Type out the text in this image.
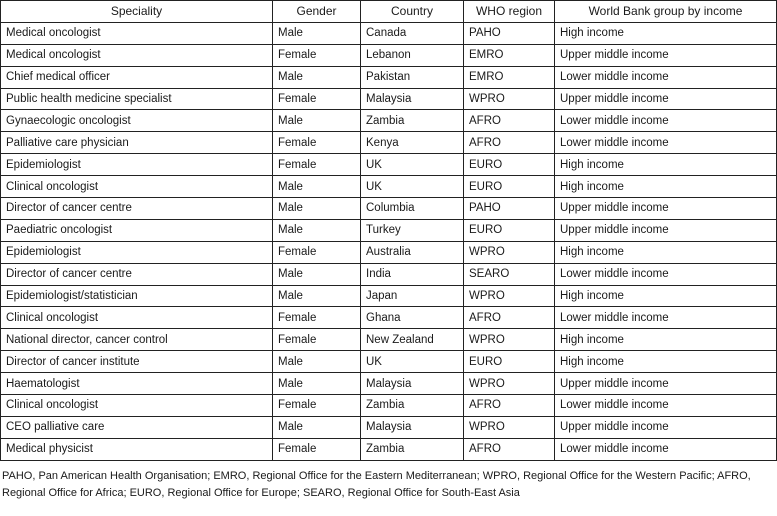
Speciality	Gender	Country	WHO region	World Bank group by income
Medical oncologist	Male	Canada	PAHO	High income
Medical oncologist	Female	Lebanon	EMRO	Upper middle income
Chief medical officer	Male	Pakistan	EMRO	Lower middle income
Public health medicine specialist	Female	Malaysia	WPRO	Upper middle income
Gynaecologic oncologist	Male	Zambia	AFRO	Lower middle income
Palliative care physician	Female	Kenya	AFRO	Lower middle income
Epidemiologist	Female	UK	EURO	High income
Clinical oncologist	Male	UK	EURO	High income
Director of cancer centre	Male	Columbia	PAHO	Upper middle income
Paediatric oncologist	Male	Turkey	EURO	Upper middle income
Epidemiologist	Female	Australia	WPRO	High income
Director of cancer centre	Male	India	SEARO	Lower middle income
Epidemiologist/statistician	Male	Japan	WPRO	High income
Clinical oncologist	Female	Ghana	AFRO	Lower middle income
National director, cancer control	Female	New Zealand	WPRO	High income
Director of cancer institute	Male	UK	EURO	High income
Haematologist	Male	Malaysia	WPRO	Upper middle income
Clinical oncologist	Female	Zambia	AFRO	Lower middle income
CEO palliative care	Male	Malaysia	WPRO	Upper middle income
Medical physicist	Female	Zambia	AFRO	Lower middle income

PAHO, Pan American Health Organisation; EMRO, Regional Office for the Eastern Mediterranean; WPRO, Regional Office for the Western Pacific; AFRO, Regional Office for Africa; EURO, Regional Office for Europe; SEARO, Regional Office for South-East Asia
